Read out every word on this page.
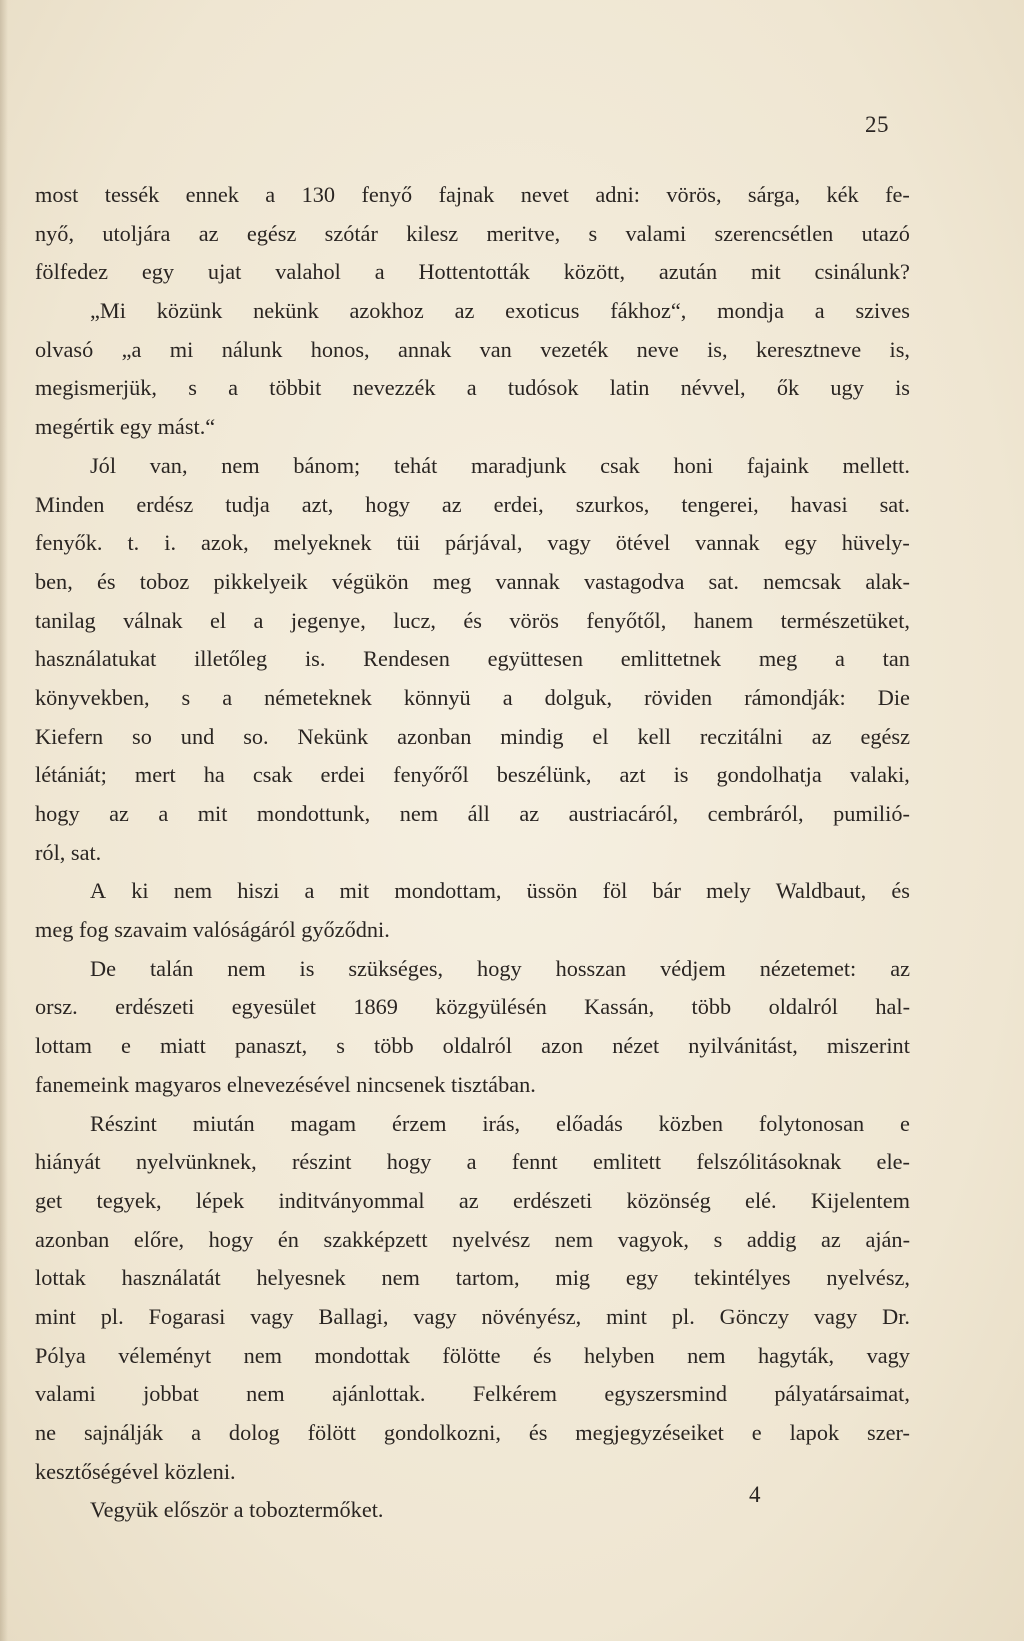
25
most tessék ennek a 130 fenyő fajnak nevet adni: vörös, sárga, kék fe-
nyő, utoljára az egész szótár kilesz meritve, s valami szerencsétlen utazó
fölfedez egy ujat valahol a Hottentották között, azután mit csinálunk?
„Mi közünk nekünk azokhoz az exoticus fákhoz“, mondja a szives
olvasó „a mi nálunk honos, annak van vezeték neve is, keresztneve is,
megismerjük, s a többit nevezzék a tudósok latin névvel, ők ugy is
megértik egy mást.“
Jól van, nem bánom; tehát maradjunk csak honi fajaink mellett.
Minden erdész tudja azt, hogy az erdei, szurkos, tengerei, havasi sat.
fenyők. t. i. azok, melyeknek tüi párjával, vagy ötével vannak egy hüvely-
ben, és toboz pikkelyeik végükön meg vannak vastagodva sat. nemcsak alak-
tanilag válnak el a jegenye, lucz, és vörös fenyőtől, hanem természetüket,
használatukat illetőleg is. Rendesen együttesen emlittetnek meg a tan
könyvekben, s a németeknek könnyü a dolguk, röviden rámondják: Die
Kiefern so und so. Nekünk azonban mindig el kell reczitálni az egész
létániát; mert ha csak erdei fenyőről beszélünk, azt is gondolhatja valaki,
hogy az a mit mondottunk, nem áll az austriacáról, cembráról, pumilió-
ról, sat.
A ki nem hiszi a mit mondottam, üssön föl bár mely Waldbaut, és
meg fog szavaim valóságáról győződni.
De talán nem is szükséges, hogy hosszan védjem nézetemet: az
orsz. erdészeti egyesület 1869 közgyülésén Kassán, több oldalról hal-
lottam e miatt panaszt, s több oldalról azon nézet nyilvánitást, miszerint
fanemeink magyaros elnevezésével nincsenek tisztában.
Részint miután magam érzem irás, előadás közben folytonosan e
hiányát nyelvünknek, részint hogy a fennt emlitett felszólitásoknak ele-
get tegyek, lépek inditványommal az erdészeti közönség elé. Kijelentem
azonban előre, hogy én szakképzett nyelvész nem vagyok, s addig az aján-
lottak használatát helyesnek nem tartom, mig egy tekintélyes nyelvész,
mint pl. Fogarasi vagy Ballagi, vagy növényész, mint pl. Gönczy vagy Dr.
Pólya véleményt nem mondottak fölötte és helyben nem hagyták, vagy
valami jobbat nem ajánlottak. Felkérem egyszersmind pályatársaimat,
ne sajnálják a dolog fölött gondolkozni, és megjegyzéseiket e lapok szer-
kesztőségével közleni.
Vegyük először a toboztermőket.
4
